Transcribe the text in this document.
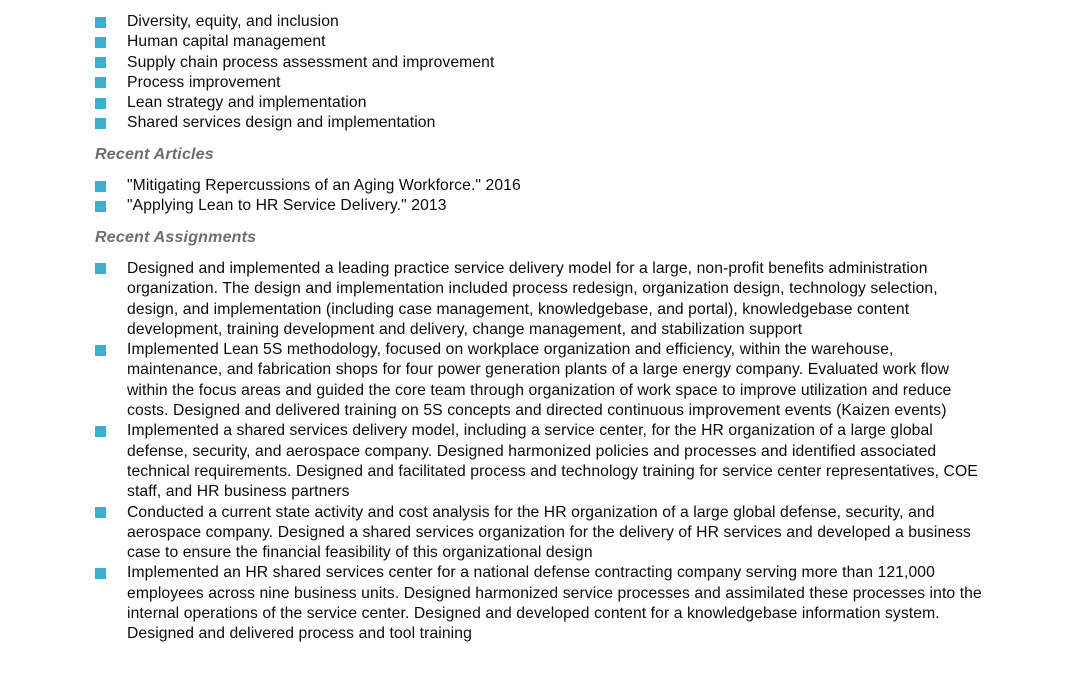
Diversity, equity, and inclusion
Human capital management
Supply chain process assessment and improvement
Process improvement
Lean strategy and implementation
Shared services design and implementation
Recent Articles
"Mitigating Repercussions of an Aging Workforce." 2016
"Applying Lean to HR Service Delivery." 2013
Recent Assignments
Designed and implemented a leading practice service delivery model for a large, non-profit benefits administration organization. The design and implementation included process redesign, organization design, technology selection, design, and implementation (including case management, knowledgebase, and portal), knowledgebase content development, training development and delivery, change management, and stabilization support
Implemented Lean 5S methodology, focused on workplace organization and efficiency, within the warehouse, maintenance, and fabrication shops for four power generation plants of a large energy company. Evaluated work flow within the focus areas and guided the core team through organization of work space to improve utilization and reduce costs. Designed and delivered training on 5S concepts and directed continuous improvement events (Kaizen events)
Implemented a shared services delivery model, including a service center, for the HR organization of a large global defense, security, and aerospace company. Designed harmonized policies and processes and identified associated technical requirements. Designed and facilitated process and technology training for service center representatives, COE staff, and HR business partners
Conducted a current state activity and cost analysis for the HR organization of a large global defense, security, and aerospace company. Designed a shared services organization for the delivery of HR services and developed a business case to ensure the financial feasibility of this organizational design
Implemented an HR shared services center for a national defense contracting company serving more than 121,000 employees across nine business units. Designed harmonized service processes and assimilated these processes into the internal operations of the service center. Designed and developed content for a knowledgebase information system. Designed and delivered process and tool training
